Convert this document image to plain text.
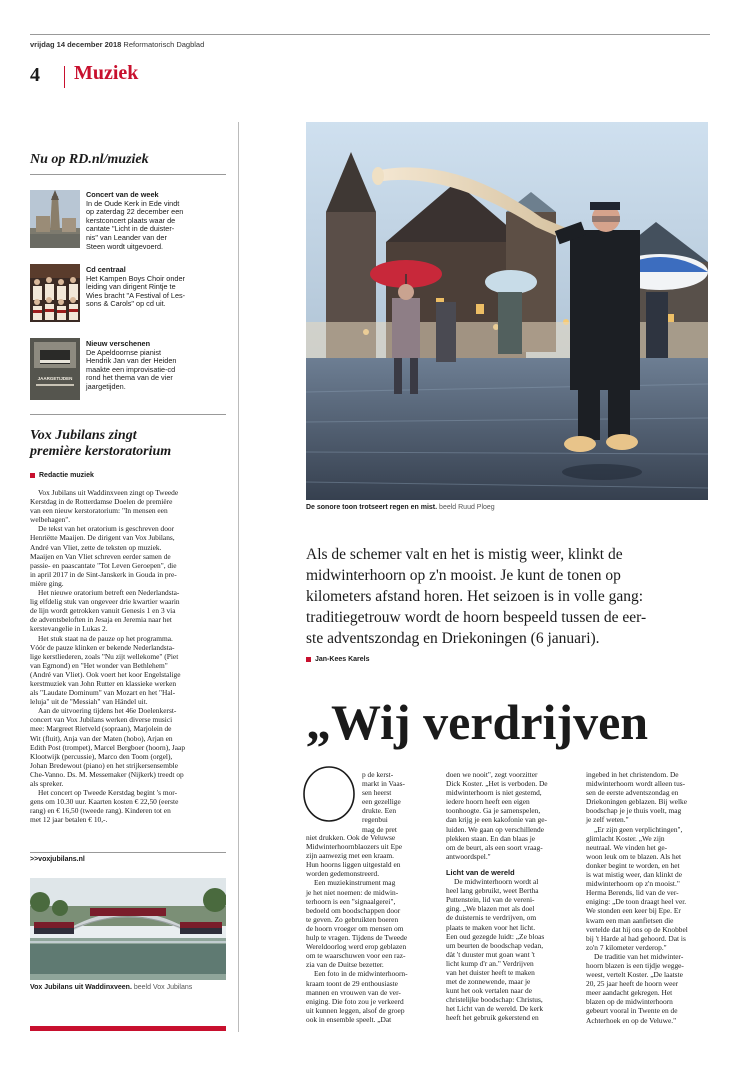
vrijdag 14 december 2018 Reformatorisch Dagblad
4 Muziek
Nu op RD.nl/muziek
Concert van de week
In de Oude Kerk in Ede vindt
op zaterdag 22 december een
kerstconcert plaats waar de
cantate "Licht in de duister-
nis" van Leander van der
Steen wordt uitgevoerd.
Cd centraal
Het Kampen Boys Choir onder
leiding van dirigent Rintje te
Wies bracht "A Festival of Les-
sons & Carols" op cd uit.
JAARGETIJDEN
Nieuw verschenen
De Apeldoornse pianist
Hendrik Jan van der Heiden
maakte een improvisatie-cd
rond het thema van de vier
jaargetijden.
Vox Jubilans zingt
première kerstoratorium
Redactie muziek

Vox Jubilans uit Waddinxveen zingt op Tweede
Kerstdag in de Rotterdamse Doelen de première
van een nieuw kerstoratorium: "In mensen een
welbehagen".

De tekst van het oratorium is geschreven door
Henriëtte Maaijen. De dirigent van Vox Jubilans,
André van Vliet, zette de teksten op muziek.
Maaijen en Van Vliet schreven eerder samen de
passie- en paascantate "Tot Leven Geroepen", die
in april 2017 in de Sint-Janskerk in Gouda in pre-
mière ging.

Het nieuwe oratorium betreft een Nederlandsta-
lig elfdelig stuk van ongeveer drie kwartier waarin
de lijn wordt getrokken vanuit Genesis 1 en 3 via
de adventsbeloften in Jesaja en Jeremia naar het
kerstevangelie in Lukas 2.

Het stuk staat na de pauze op het programma.
Vóór de pauze klinken er bekende Nederlandsta-
lige kerstliederen, zoals "Nu zijt wellekome" (Piet
van Egmond) en "Het wonder van Bethlehem"
(André van Vliet). Ook voert het koor Engelstalige
kerstmuziek van John Rutter en klassieke werken
als "Laudate Dominum" van Mozart en het "Hal-
leluja" uit de "Messiah" van Händel uit.

Aan de uitvoering tijdens het 46e Doelenkerst-
concert van Vox Jubilans werken diverse musici
mee: Margreet Rietveld (sopraan), Marjolein de
Wit (fluit), Anja van der Maten (hobo), Arjan en
Edith Post (trompet), Marcel Bergboer (hoorn), Jaap
Klootwijk (percussie), Marco den Toom (orgel),
Johan Bredewout (piano) en het strijkersensemble
Che-Vanno. Ds. M. Messemaker (Nijkerk) treedt op
als spreker.

Het concert op Tweede Kerstdag begint 's mor-
gens om 10.30 uur. Kaarten kosten € 22,50 (eerste
rang) en € 16,50 (tweede rang). Kinderen tot en
met 12 jaar betalen € 10,-.

>>voxjubilans.nl
Vox Jubilans uit Waddinxveen. beeld Vox Jubilans
De sonore toon trotseert regen en mist. beeld Ruud Ploeg
Als de schemer valt en het is mistig weer, klinkt de
midwinterhoorn op z'n mooist. Je kunt de tonen op
kilometers afstand horen. Het seizoen is in volle gang:
traditiegetrouw wordt de hoorn bespeeld tussen de eer-
ste adventszondag en Driekoningen (6 januari).
Jan-Kees Karels
„Wij verdrijven

p de kerst-
markt in Vaas-
sen heerst
een gezellige
drukte. Een
regenbui
mag de pret

niet drukken. Ook de Veluwse
Midwinterhoornblaozers uit Epe
zijn aanwezig met een kraam.
Hun hoorns liggen uitgestald en
worden gedemonstreerd.

Een muziekinstrument mag
je het niet noemen: de midwin-
terhoorn is een "signaalgerei",
bedoeld om boodschappen door
te geven. Zo gebruikten boeren
de hoorn vroeger om mensen om
hulp te vragen. Tijdens de Tweede
Wereldoorlog werd erop geblazen
om te waarschuwen voor een raz-
zia van de Duitse bezetter.

Een foto in de midwinterhoorn-
kraam toont de 29 enthousiaste
mannen en vrouwen van de ver-
eniging. Die foto zou je verkeerd
uit kunnen leggen, alsof de groep
ook in ensemble speelt. „Dat

doen we nooit", zegt voorzitter
Dick Koster. „Het is verboden. De
midwinterhoorn is niet gestemd,
iedere hoorn heeft een eigen
toonhoogte. Ga je samenspelen,
dan krijg je een kakofonie van ge-
luiden. We gaan op verschillende
plekken staan. En dan blaas je
om de beurt, als een soort vraag-
antwoordspel."

Licht van de wereld

De midwinterhoorn wordt al
heel lang gebruikt, weet Bertha
Puttenstein, lid van de vereni-
ging. „We blazen met als doel
de duisternis te verdrijven, om
plaats te maken voor het licht.
Een oud gezegde luidt: „Ze bloas
um beurten de boodschap vedan,
dàt 't duuster mut goan want 't
licht kump d'r an." Verdrijven
van het duister heeft te maken
met de zonnewende, maar je
kunt het ook vertalen naar de
christelijke boodschap: Christus,
het Licht van de wereld. De kerk
heeft het gebruik gekerstend en

ingebed in het christendom. De
midwinterhoorn wordt alleen tus-
sen de eerste adventszondag en
Driekoningen geblazen. Bij welke
boodschap je je thuis voelt, mag
je zelf weten."

„Er zijn geen verplichtingen",
glimlacht Koster. „We zijn
neutraal. We vinden het ge-
woon leuk om te blazen. Als het
donker begint te worden, en het
is wat mistig weer, dan klinkt de
midwinterhoorn op z'n mooist."
Herma Berends, lid van de ver-
eniging: „De toon draagt heel ver.
We stonden een keer bij Epe. Er
kwam een man aanfietsen die
vertelde dat hij ons op de Knobbel
bij 't Harde al had gehoord. Dat is
zo'n 7 kilometer verderop."

De traditie van het midwinter-
hoorn blazen is een tijdje wegge-
weest, vertelt Koster. „De laatste
20, 25 jaar heeft de hoorn weer
meer aandacht gekregen. Het
blazen op de midwinterhoorn
gebeurt vooral in Twente en de
Achterhoek en op de Veluwe."
